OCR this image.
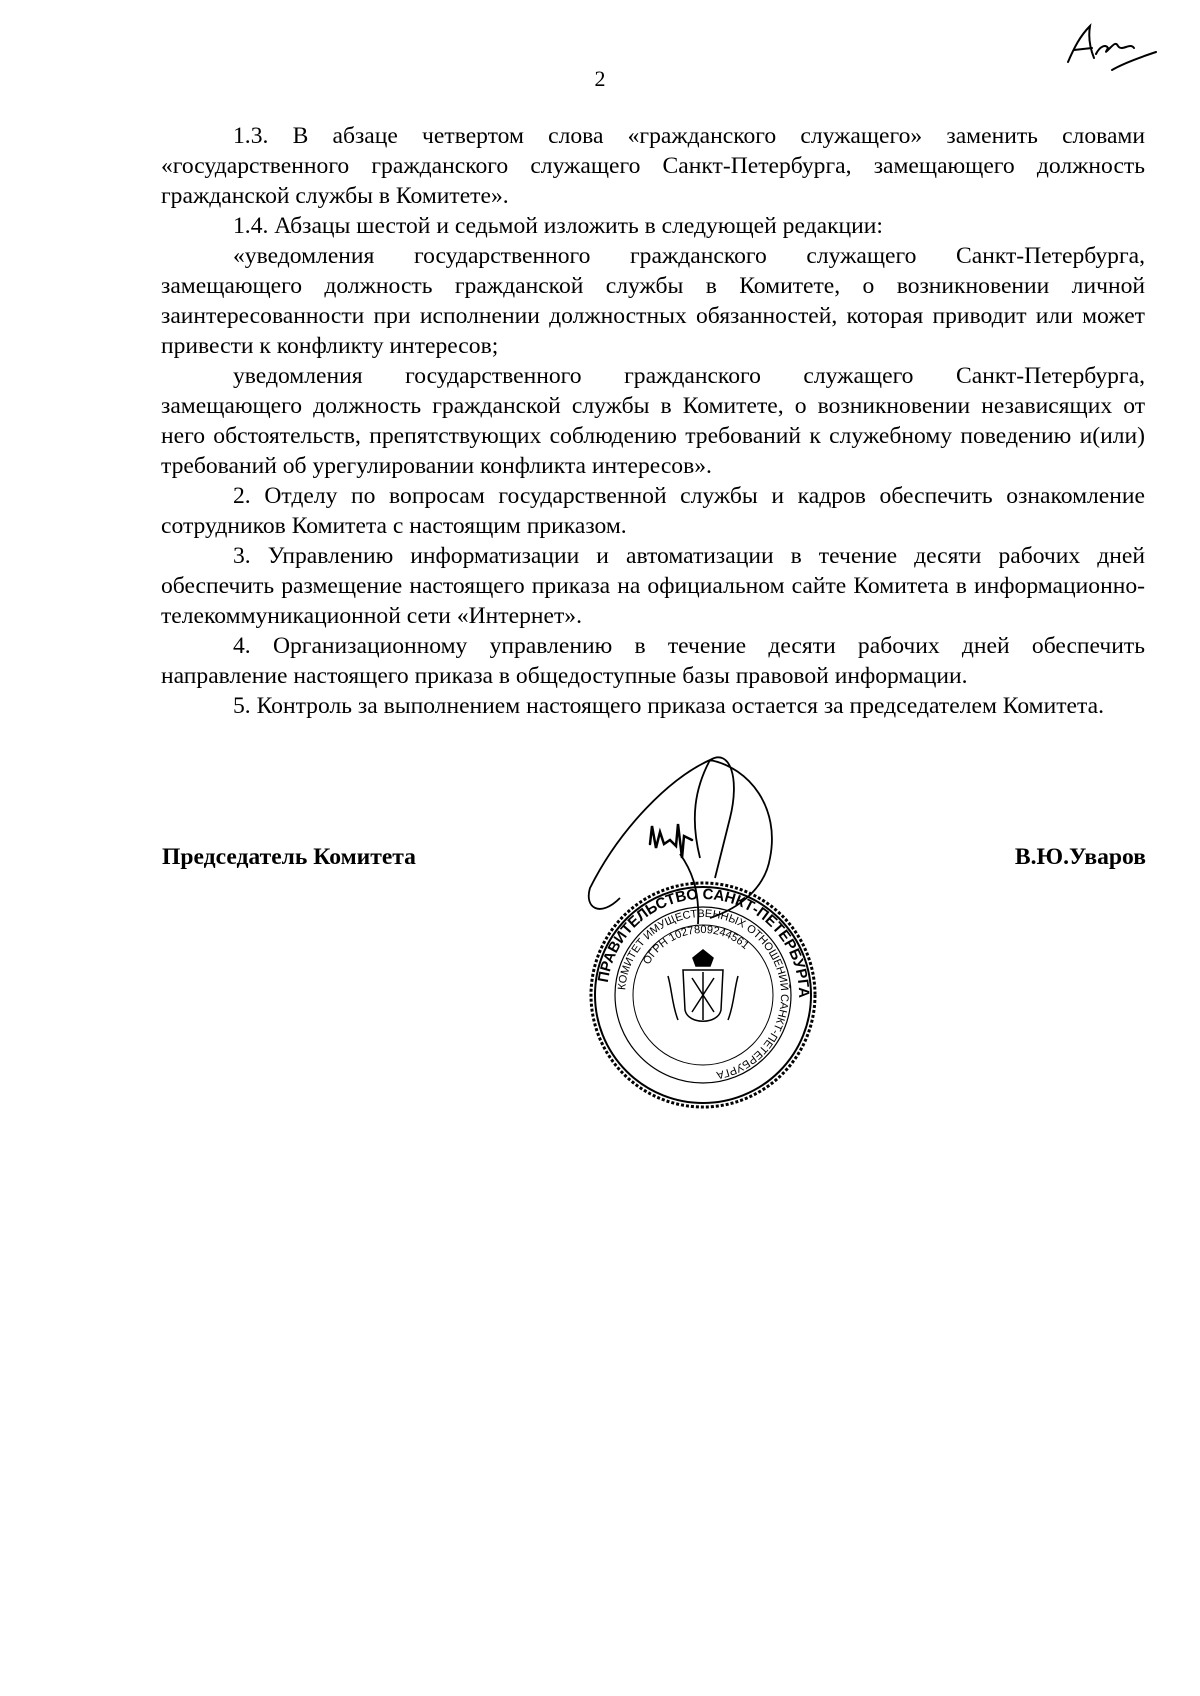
2

1.3. В абзаце четвертом слова «гражданского служащего» заменить словами «государственного гражданского служащего Санкт-Петербурга, замещающего должность гражданской службы в Комитете».

1.4. Абзацы шестой и седьмой изложить в следующей редакции:

«уведомления государственного гражданского служащего Санкт-Петербурга, замещающего должность гражданской службы в Комитете, о возникновении личной заинтересованности при исполнении должностных обязанностей, которая приводит или может привести к конфликту интересов;

уведомления государственного гражданского служащего Санкт-Петербурга, замещающего должность гражданской службы в Комитете, о возникновении независящих от него обстоятельств, препятствующих соблюдению требований к служебному поведению и(или) требований об урегулировании конфликта интересов».

2. Отделу по вопросам государственной службы и кадров обеспечить ознакомление сотрудников Комитета с настоящим приказом.

3. Управлению информатизации и автоматизации в течение десяти рабочих дней обеспечить размещение настоящего приказа на официальном сайте Комитета в информационно-телекоммуникационной сети «Интернет».

4. Организационному управлению в течение десяти рабочих дней обеспечить направление настоящего приказа в общедоступные базы правовой информации.

5. Контроль за выполнением настоящего приказа остается за председателем Комитета.

Председатель Комитета	В.Ю.Уваров
ПРАВИТЕЛЬСТВО САНКТ-ПЕТЕРБУРГА
КОМИТЕТ ИМУЩЕСТВЕННЫХ ОТНОШЕНИЙ САНКТ-ПЕТЕРБУРГА
ОГРН 1027809244561
